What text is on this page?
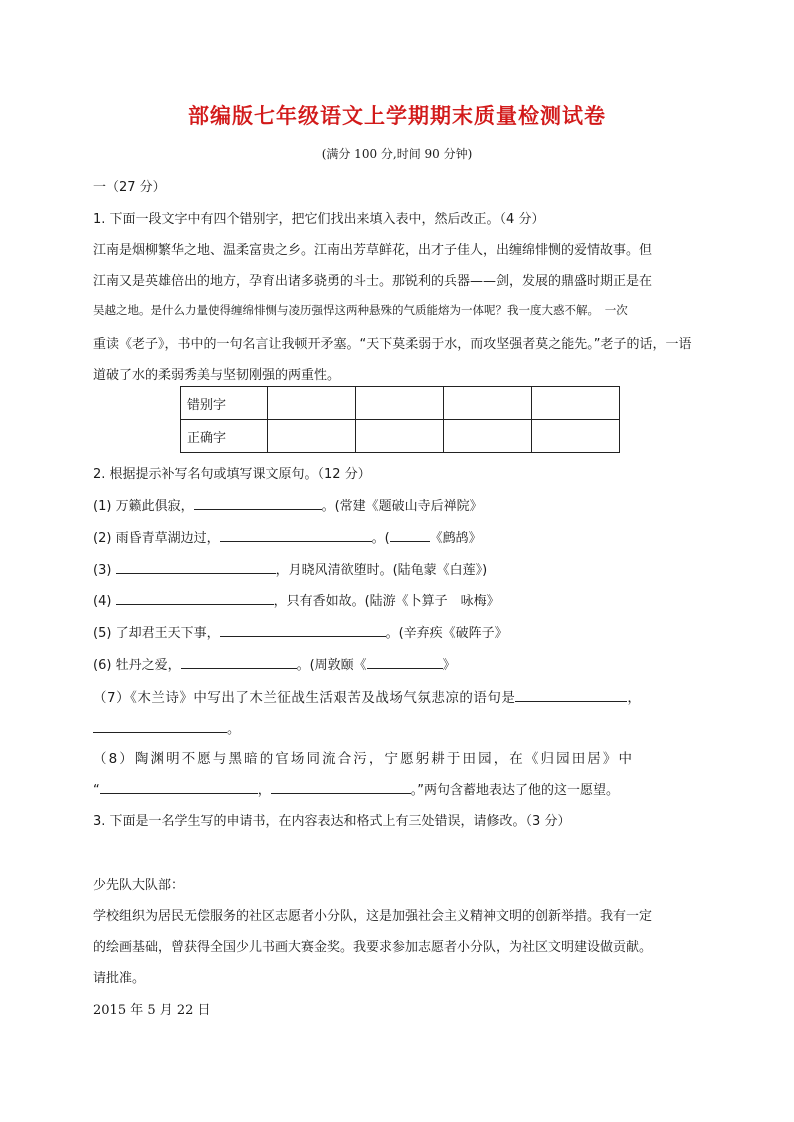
部编版七年级语文上学期期末质量检测试卷
(满分 100 分,时间 90 分钟)
一（27 分）
1. 下面一段文字中有四个错别字，把它们找出来填入表中，然后改正。（4 分）
江南是烟柳繁华之地、温柔富贵之乡。江南出芳草鲜花，出才子佳人，出缠绵悱恻的爱情故事。但
江南又是英雄倍出的地方，孕育出诸多骁勇的斗士。那锐利的兵器——剑，发展的鼎盛时期正是在
吴越之地。是什么力量使得缠绵悱恻与凌历强悍这两种悬殊的气质能熔为一体呢？我一度大惑不解。　一次
重读《老子》，书中的一句名言让我顿开矛塞。“天下莫柔弱于水，而攻坚强者莫之能先。”老子的话，一语
道破了水的柔弱秀美与坚韧刚强的两重性。
错别字				
正确字				
2. 根据提示补写名句或填写课文原句。（12 分）
(1) 万籁此俱寂，	。(常建《题破山寺后禅院》
(2) 雨昏青草湖边过，	。(	《鹧鸪》
(3)	，月晓风清欲堕时。(陆龟蒙《白莲》)
(4)	，只有香如故。(陆游《卜算子　咏梅》
(5) 了却君王天下事，	。(辛弃疾《破阵子》
(6) 牡丹之爱，	。(周敦颐《	》
（7）《木兰诗》中写出了木兰征战生活艰苦及战场气氛悲凉的语句是	，
。
（8）陶渊明不愿与黑暗的官场同流合污，宁愿躬耕于田园，在《归园田居》中
“	，	。”两句含蓄地表达了他的这一愿望。
3. 下面是一名学生写的申请书，在内容表达和格式上有三处错误，请修改。（3 分）
少先队大队部：
学校组织为居民无偿服务的社区志愿者小分队，这是加强社会主义精神文明的创新举措。我有一定
的绘画基础，曾获得全国少儿书画大赛金奖。我要求参加志愿者小分队，为社区文明建设做贡献。
请批准。
2015 年 5 月 22 日
